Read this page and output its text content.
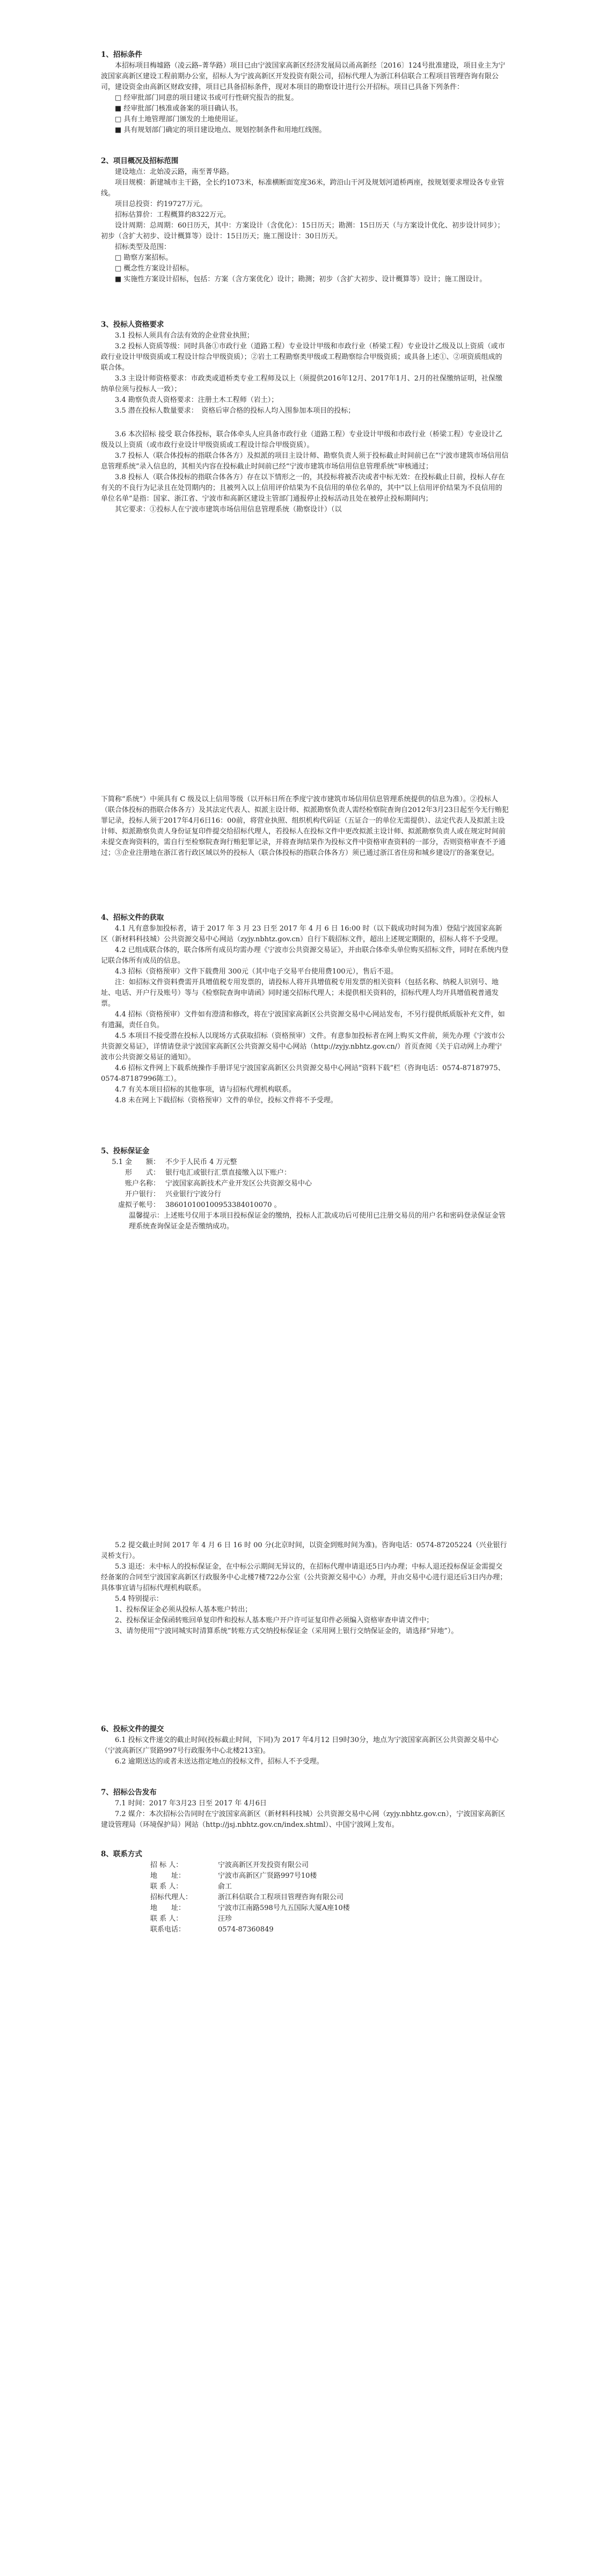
1、招标条件

本招标项目梅墟路（凌云路–菁华路）项目已由宁波国家高新区经济发展局以甬高新经〔2016〕124号批准建设，项目业主为宁波国家高新区建设工程前期办公室，招标人为宁波高新区开发投资有限公司，招标代理人为浙江科信联合工程项目管理咨询有限公司，建设资金由高新区财政安排，项目已具备招标条件，现对本项目的勘察设计进行公开招标。项目已具备下列条件：

□ 经审批部门同意的项目建议书或可行性研究报告的批复。

■ 经审批部门核准或备案的项目确认书。

□ 具有土地管理部门颁发的土地使用证。

■ 具有规划部门确定的项目建设地点、规划控制条件和用地红线图。

2、项目概况及招标范围

建设地点：北始凌云路，南至菁华路。

项目规模：新建城市主干路，全长约1073米，标准横断面宽度36米，跨沿山干河及规划河道桥两座，按规划要求埋设各专业管线。

项目总投资：约19727万元。

招标估算价：工程概算约8322万元。

设计周期：总周期：60日历天，其中：方案设计（含优化）：15日历天；勘测：15日历天（与方案设计优化、初步设计同步）；初步（含扩大初步、设计概算等）设计：15日历天；施工图设计：30日历天。

招标类型及范围：

□ 勘察方案招标。

□ 概念性方案设计招标。

■ 实施性方案设计招标，包括：方案（含方案优化）设计；勘测；初步（含扩大初步、设计概算等）设计；施工图设计。

3、投标人资格要求

3.1 投标人须具有合法有效的企业营业执照；

3.2 投标人资质等级：同时具备①市政行业（道路工程）专业设计甲级和市政行业（桥梁工程）专业设计乙级及以上资质（或市政行业设计甲级资质或工程设计综合甲级资质）；②岩土工程勘察类甲级或工程勘察综合甲级资质；或具备上述①、②项资质组成的联合体。

3.3 主设计师资格要求：市政类或道桥类专业工程师及以上（须提供2016年12月、2017年1月、2月的社保缴纳证明，社保缴纳单位须与投标人一致）；

3.4 勘察负责人资格要求：注册土木工程师（岩土）；

3.5 潜在投标人数量要求：　资格后审合格的投标人均入围参加本项目的投标；

3.6 本次招标 接受 联合体投标，联合体牵头人应具备市政行业（道路工程）专业设计甲级和市政行业（桥梁工程）专业设计乙级及以上资质（或市政行业设计甲级资质或工程设计综合甲级资质）。

3.7 投标人（联合体投标的指联合体各方）及拟派的项目主设计师、勘察负责人须于投标截止时间前已在“宁波市建筑市场信用信息管理系统”录入信息的，其相关内容在投标截止时间前已经“宁波市建筑市场信用信息管理系统”审核通过；

3.8 投标人（联合体投标的指联合体各方）存在以下情形之一的，其投标将被否决或者中标无效：在投标截止日前，投标人存在有关的不良行为记录且在处罚期内的；且被列入以上信用评价结果为不良信用的单位名单的，其中“以上信用评价结果为不良信用的单位名单”是指：国家、浙江省、宁波市和高新区建设主管部门通报停止投标活动且处在被停止投标期间内；

其它要求：①投标人在宁波市建筑市场信用信息管理系统（勘察设计）（以

下简称“系统”）中须具有 C 级及以上信用等级（以开标日所在季度宁波市建筑市场信用信息管理系统提供的信息为准）。②投标人（联合体投标的指联合体各方）及其法定代表人、拟派主设计师、拟派勘察负责人需经检察院查询自2012年3月23日起至今无行贿犯罪记录，投标人须于2017年4月6日16：00前，将营业执照、组织机构代码证（五证合一的单位无需提供）、法定代表人及拟派主设计师、拟派勘察负责人身份证复印件提交给招标代理人，若投标人在投标文件中更改拟派主设计师、拟派勘察负责人或在规定时间前未提交查询资料的，需自行至检察院查询行贿犯罪记录，并将查询结果作为投标文件中资格审查资料的一部分，否则资格审查不予通过；③企业注册地在浙江省行政区域以外的投标人（联合体投标的指联合体各方）须已通过浙江省住房和城乡建设厅的备案登记。

4、招标文件的获取

4.1 凡有意参加投标者，请于 2017 年 3 月 23 日至 2017 年 4 月 6 日 16:00 时（以下载成功时间为准）登陆宁波国家高新区（新材料科技城）公共资源交易中心网站（zyjy.nbhtz.gov.cn）自行下载招标文件，超出上述规定期限的，招标人将不予受理。

4.2 已组成联合体的，联合体所有成员均需办理《宁波市公共资源交易证》，并由联合体牵头单位购买招标文件，同时在系统内登记联合体所有成员的信息。

4.3 招标（资格预审）文件下载费用 300元（其中电子交易平台使用费100元），售后不退。

注：如招标文件资料费需开具增值税专用发票的，请投标人将开具增值税专用发票的相关资料（包括名称、纳税人识别号、地址、电话、开户行及账号）等与《检察院查询申请函》同时递交招标代理人；未提供相关资料的，招标代理人均开具增值税普通发票。

4.4 招标（资格预审）文件如有澄清和修改，将在宁波国家高新区公共资源交易中心网站发布，不另行提供纸质版补充文件，如有遗漏，责任自负。

4.5 本项目不接受潜在投标人以现场方式获取招标（资格预审）文件。有意参加投标者在网上购买文件前，须先办理《宁波市公共资源交易证》，详情请登录宁波国家高新区公共资源交易中心网站（http://zyjy.nbhtz.gov.cn/）首页查阅《关于启动网上办理宁波市公共资源交易证的通知》。

4.6 招标文件网上下载系统操作手册详见宁波国家高新区公共资源交易中心网站“资料下载”栏（咨询电话：0574-87187975、0574-87187996陈工）。

4.7 有关本项目招标的其他事项，请与招标代理机构联系。

4.8 未在网上下载招标（资格预审）文件的单位，投标文件将不予受理。

5、投标保证金

5.1 金　　额： 不少于人民币 4 万元整
形　　式： 银行电汇或银行汇票直接缴入以下账户：
账户名称： 宁波国家高新技术产业开发区公共资源交易中心
开户银行： 兴业银行宁波分行
虚拟子帐号： 386010100100953384010070 。

温馨提示：上述账号仅用于本项目投标保证金的缴纳，投标人汇款成功后可使用已注册交易员的用户名和密码登录保证金管理系统查询保证金是否缴纳成功。

5.2 提交截止时间 2017 年 4 月 6 日 16 时 00 分(北京时间，以资金到账时间为准)。咨询电话：0574-87205224（兴业银行灵桥支行）。

5.3 退还：未中标人的投标保证金，在中标公示期间无异议的，在招标代理申请退还5日内办理；中标人退还投标保证金需提交经备案的合同至宁波国家高新区行政服务中心北楼7楼722办公室（公共资源交易中心）办理，并由交易中心进行退还后3日内办理；具体事宜请与招标代理机构联系。

5.4 特别提示：

1、投标保证金必须从投标人基本账户转出；

2、投标保证金保函转账回单复印件和投标人基本账户开户许可证复印件必须编入资格审查申请文件中；

3、请勿使用“宁波同城实时清算系统”转账方式交纳投标保证金（采用网上银行交纳保证金的，请选择“异地”）。

6、投标文件的提交

6.1 投标文件递交的截止时间(投标截止时间，下同)为 2017 年4月12 日9时30分，地点为宁波国家高新区公共资源交易中心（宁波高新区广贤路997号行政服务中心北楼213室)。

6.2 逾期送达的或者未送达指定地点的投标文件，招标人不予受理。

7、招标公告发布

7.1 时间：2017 年3月23 日至 2017 年 4月6日

7.2 媒介：本次招标公告同时在宁波国家高新区（新材料科技城）公共资源交易中心网（zyjy.nbhtz.gov.cn），宁波国家高新区建设管理局（环境保护局）网站（http://jsj.nbhtz.gov.cn/index.shtml）、中国宁波网上发布。

8、联系方式

招 标 人：	宁波高新区开发投资有限公司
地　　址：	宁波市高新区广贤路997号10楼
联 系 人：	俞工
招标代理人：	浙江科信联合工程项目管理咨询有限公司
地　　址：	宁波市江南路598号九五国际大厦A座10楼
联 系 人：	汪珍
联系电话：	0574-87360849
